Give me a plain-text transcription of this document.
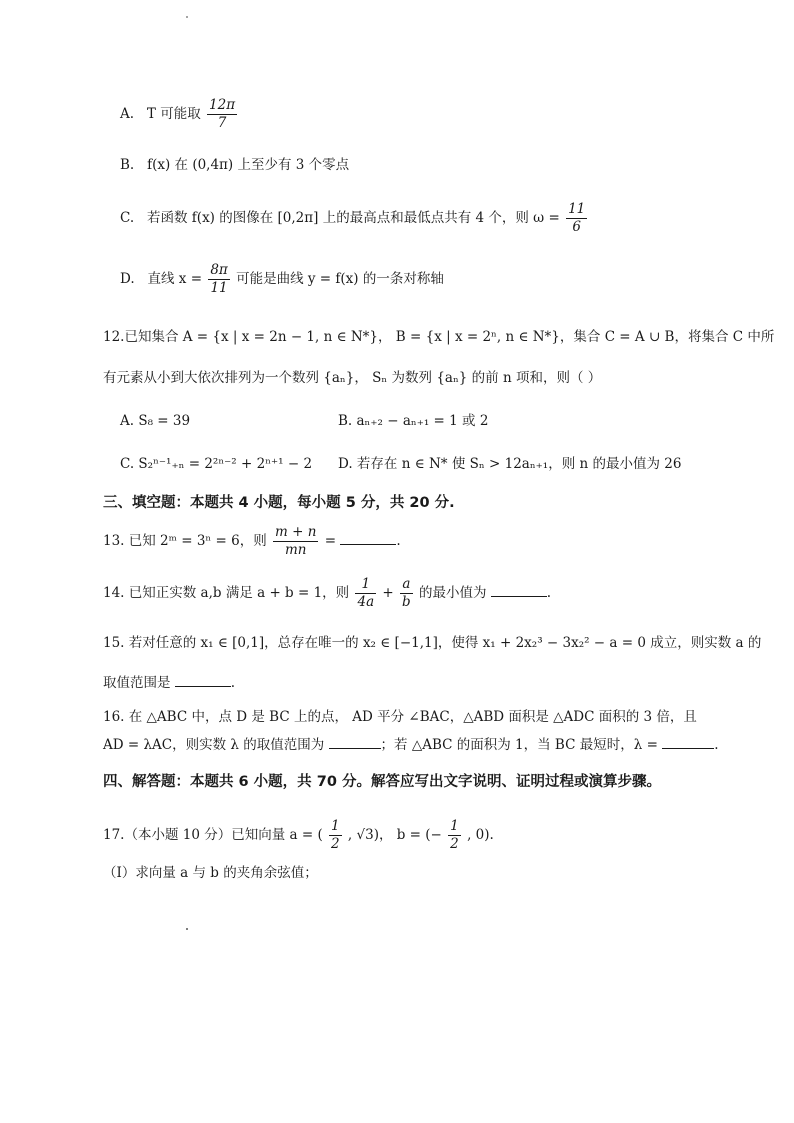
A. T 可能取 $\frac{12\pi}{7}$
B. f(x) 在 (0,4π) 上至少有 3 个零点
C. 若函数 f(x) 的图像在 [0,2π] 上的最高点和最低点共有 4 个，则 $\omega = \frac{11}{6}$
D. 直线 $x = \frac{8\pi}{11}$ 可能是曲线 y = f(x) 的一条对称轴
12.已知集合 A = {x | x = 2n − 1, n ∈ N*}， B = {x | x = 2ⁿ, n ∈ N*}，集合 C = A ∪ B，将集合 C 中所
有元素从小到大依次排列为一个数列 {aₙ}， Sₙ 为数列 {aₙ} 的前 n 项和，则（ ）
A. S₈ = 39	B. aₙ₊₂ − aₙ₊₁ = 1 或 2
C. S₂ⁿ⁻¹₊ₙ = 2²ⁿ⁻² + 2ⁿ⁺¹ − 2 D. 若存在 n ∈ N* 使 Sₙ > 12aₙ₊₁，则 n 的最小值为 26
三、填空题：本题共 4 小题，每小题 5 分，共 20 分.
13. 已知 2ᵐ = 3ⁿ = 6，则 $\frac{m + n}{mn}$ =	.
14. 已知正实数 a,b 满足 a + b = 1，则 $\frac{1}{4a} + \frac{a}{b}$ 的最小值为	.
15. 若对任意的 x₁ ∈ [0,1]，总存在唯一的 x₂ ∈ [−1,1]，使得 x₁ + 2x₂³ − 3x₂² − a = 0 成立，则实数 a 的
取值范围是	.
16. 在 △ABC 中，点 D 是 BC 上的点， AD 平分 ∠BAC，△ABD 面积是 △ADC 面积的 3 倍，且
AD = λAC，则实数 λ 的取值范围为	；若 △ABC 的面积为 1，当 BC 最短时，λ =	.
四、解答题：本题共 6 小题，共 70 分。解答应写出文字说明、证明过程或演算步骤。
17.（本小题 10 分）已知向量 a = ( $\frac{1}{2}$ , √3)， b = (− $\frac{1}{2}$ , 0).
（Ⅰ）求向量 a 与 b 的夹角余弦值；
